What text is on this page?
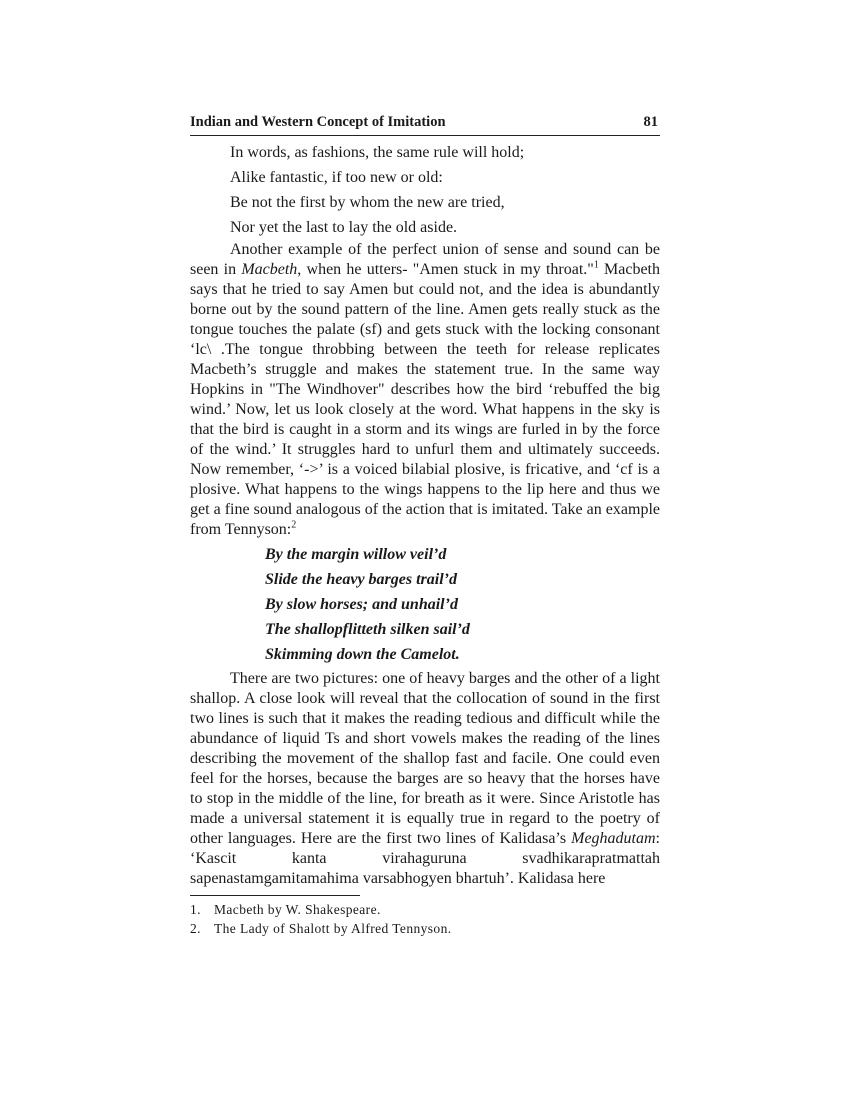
Indian and Western Concept of Imitation	81
In words, as fashions, the same rule will hold;
Alike fantastic, if too new or old:
Be not the first by whom the new are tried,
Nor yet the last to lay the old aside.

Another example of the perfect union of sense and sound can be seen in Macbeth, when he utters- "Amen stuck in my throat."$^1$ Macbeth says that he tried to say Amen but could not, and the idea is abundantly borne out by the sound pattern of the line. Amen gets really stuck as the tongue touches the palate (sf) and gets stuck with the locking consonant ‘lc\ .The tongue throbbing between the teeth for release replicates Macbeth’s struggle and makes the statement true. In the same way Hopkins in "The Windhover" describes how the bird ‘rebuffed the big wind.’ Now, let us look closely at the word. What happens in the sky is that the bird is caught in a storm and its wings are furled in by the force of the wind.’ It struggles hard to unfurl them and ultimately succeeds. Now remember, ‘->’ is a voiced bilabial plosive, is fricative, and ‘cf is a plosive. What happens to the wings happens to the lip here and thus we get a fine sound analogous of the action that is imitated. Take an example from Tennyson:$^2$

By the margin willow veil’d
Slide the heavy barges trail’d
By slow horses; and unhail’d
The shallopflitteth silken sail’d
Skimming down the Camelot.

There are two pictures: one of heavy barges and the other of a light shallop. A close look will reveal that the collocation of sound in the first two lines is such that it makes the reading tedious and difficult while the abundance of liquid Ts and short vowels makes the reading of the lines describing the movement of the shallop fast and facile. One could even feel for the horses, because the barges are so heavy that the horses have to stop in the middle of the line, for breath as it were. Since Aristotle has made a universal statement it is equally true in regard to the poetry of other languages. Here are the first two lines of Kalidasa’s Meghadutam: ‘Kascit kanta virahaguruna svadhikarapratmattah sapenastamgamitamahima varsabhogyen bhartuh’. Kalidasa here

1. Macbeth by W. Shakespeare.
2. The Lady of Shalott by Alfred Tennyson.
